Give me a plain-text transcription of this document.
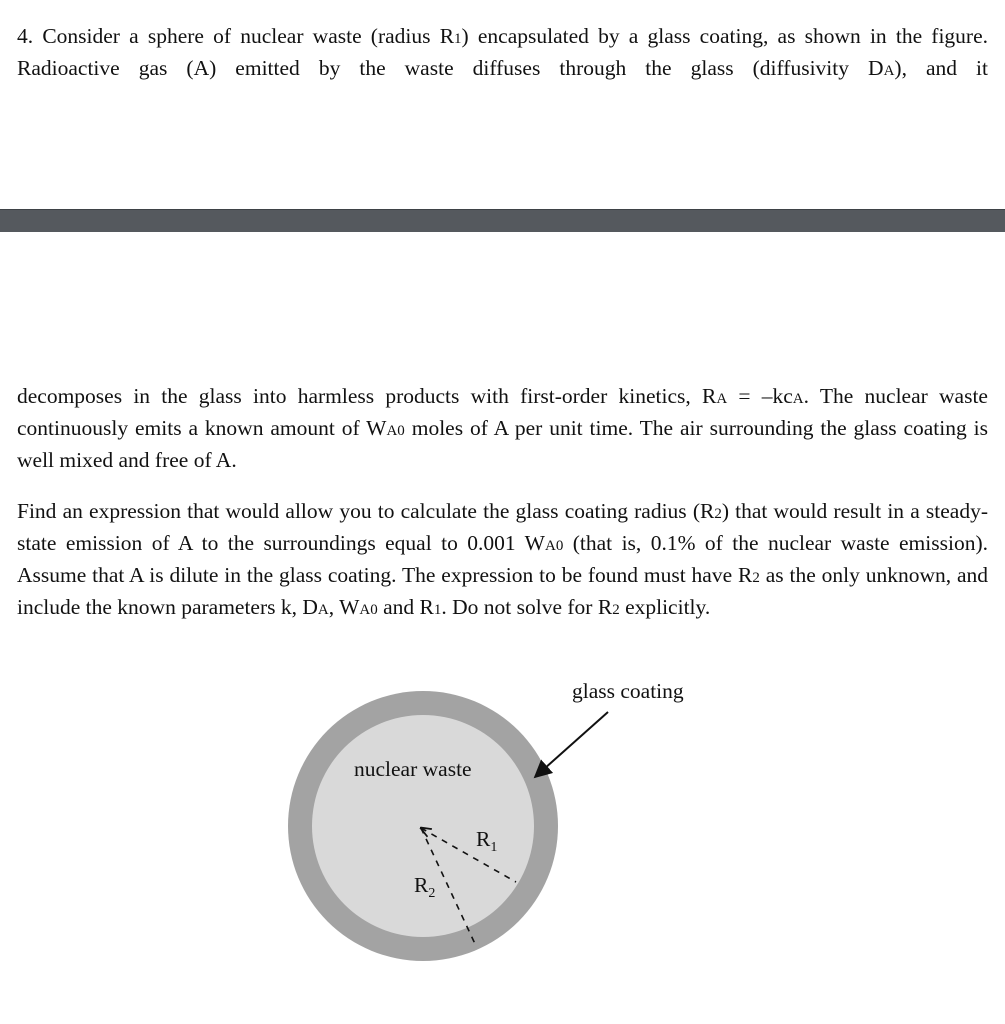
4. Consider a sphere of nuclear waste (radius R1) encapsulated by a glass coating, as shown in the figure. Radioactive gas (A) emitted by the waste diffuses through the glass (diffusivity DA), and it

decomposes in the glass into harmless products with first-order kinetics, RA = –kcA. The nuclear waste continuously emits a known amount of WA0 moles of A per unit time. The air surrounding the glass coating is well mixed and free of A.

Find an expression that would allow you to calculate the glass coating radius (R2) that would result in a steady-state emission of A to the surroundings equal to 0.001 WA0 (that is, 0.1% of the nuclear waste emission). Assume that A is dilute in the glass coating. The expression to be found must have R2 as the only unknown, and include the known parameters k, DA, WA0 and R1. Do not solve for R2 explicitly.

glass coating
nuclear waste
$R_1$
$R_2$
